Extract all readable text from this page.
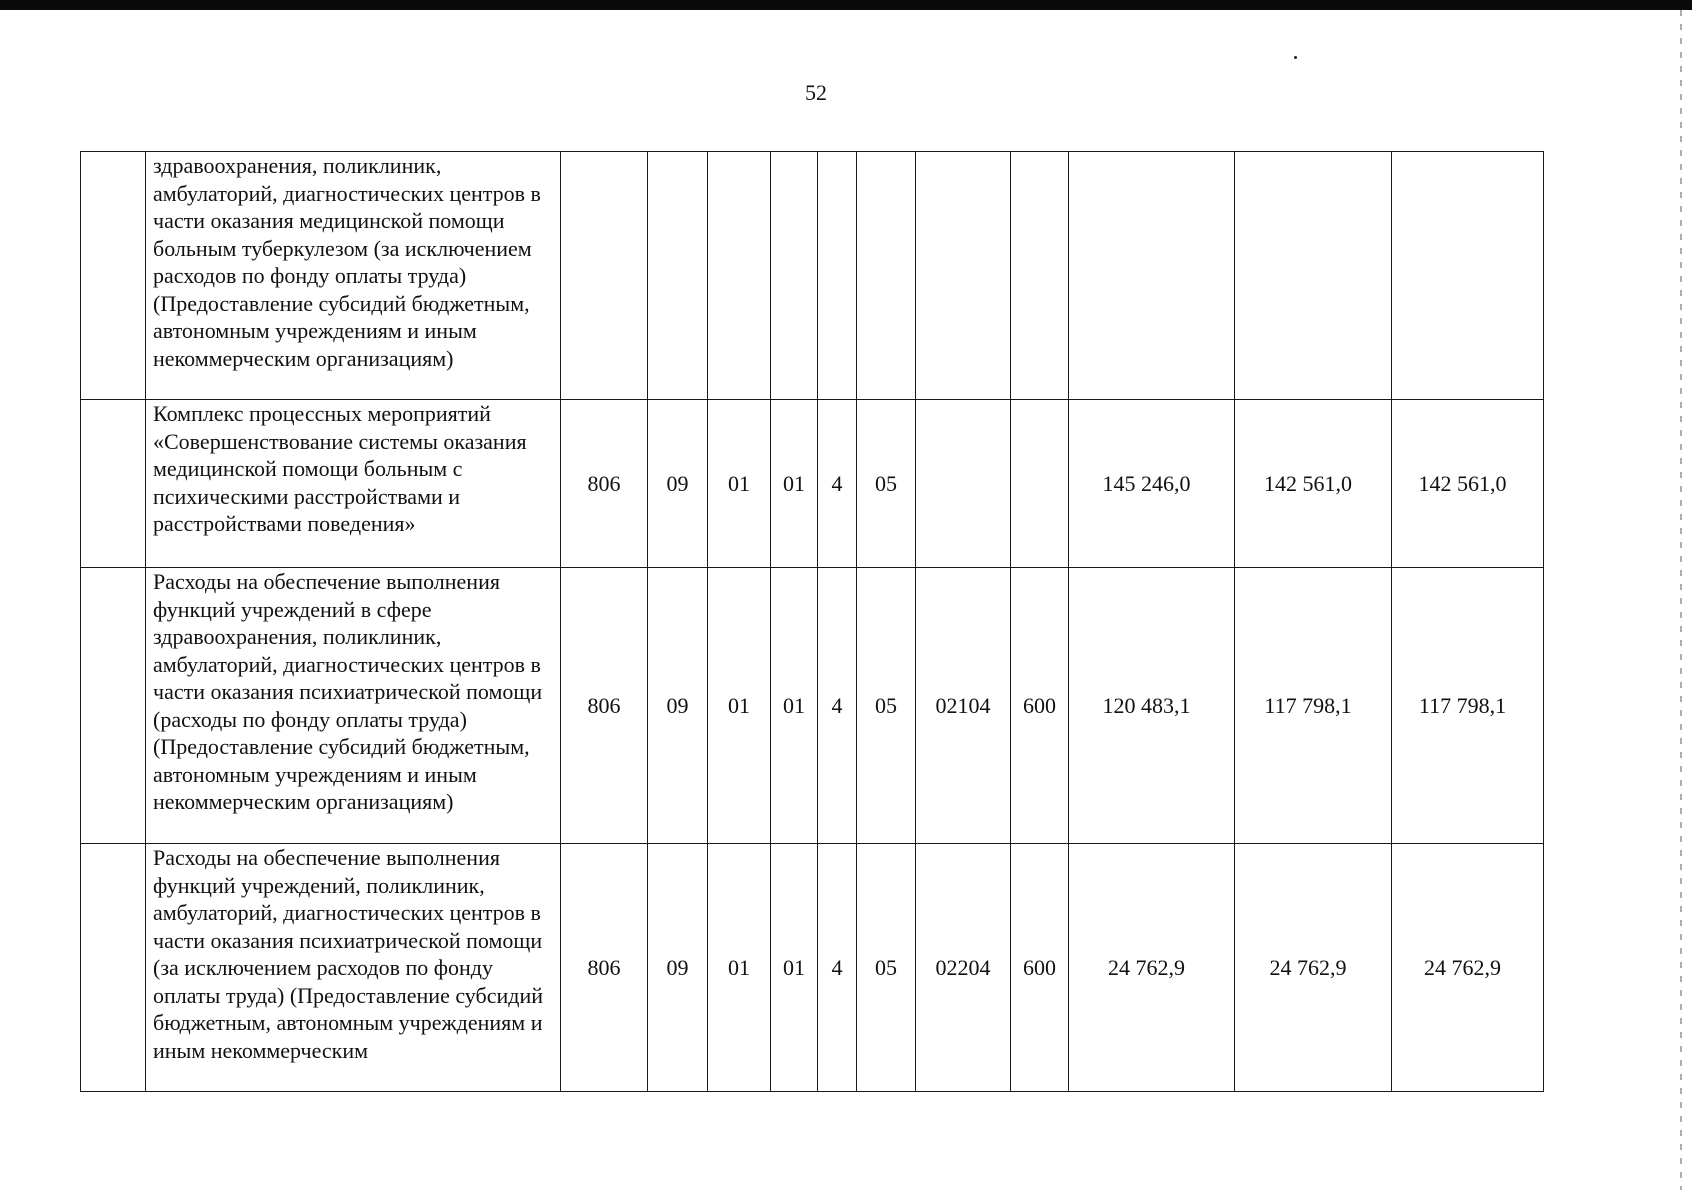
52
	здравоохранения, поликлиник, амбулаторий, диагностических центров в части оказания медицинской помощи больным туберкулезом (за исключением расходов по фонду оплаты труда) (Предоставление субсидий бюджетным, автономным учреждениям и иным некоммерческим организациям)											
	Комплекс процессных мероприятий «Совершенствование системы оказания медицинской помощи больным с психическими расстройствами и расстройствами поведения»	806	09	01	01	4	05			145 246,0	142 561,0	142 561,0
	Расходы на обеспечение выполнения функций учреждений в сфере здравоохранения, поликлиник, амбулаторий, диагностических центров в части оказания психиатрической помощи (расходы по фонду оплаты труда) (Предоставление субсидий бюджетным, автономным учреждениям и иным некоммерческим организациям)	806	09	01	01	4	05	02104	600	120 483,1	117 798,1	117 798,1
	Расходы на обеспечение выполнения функций учреждений, поликлиник, амбулаторий, диагностических центров в части оказания психиатрической помощи (за исключением расходов по фонду оплаты труда) (Предоставление субсидий бюджетным, автономным учреждениям и иным некоммерческим	806	09	01	01	4	05	02204	600	24 762,9	24 762,9	24 762,9
